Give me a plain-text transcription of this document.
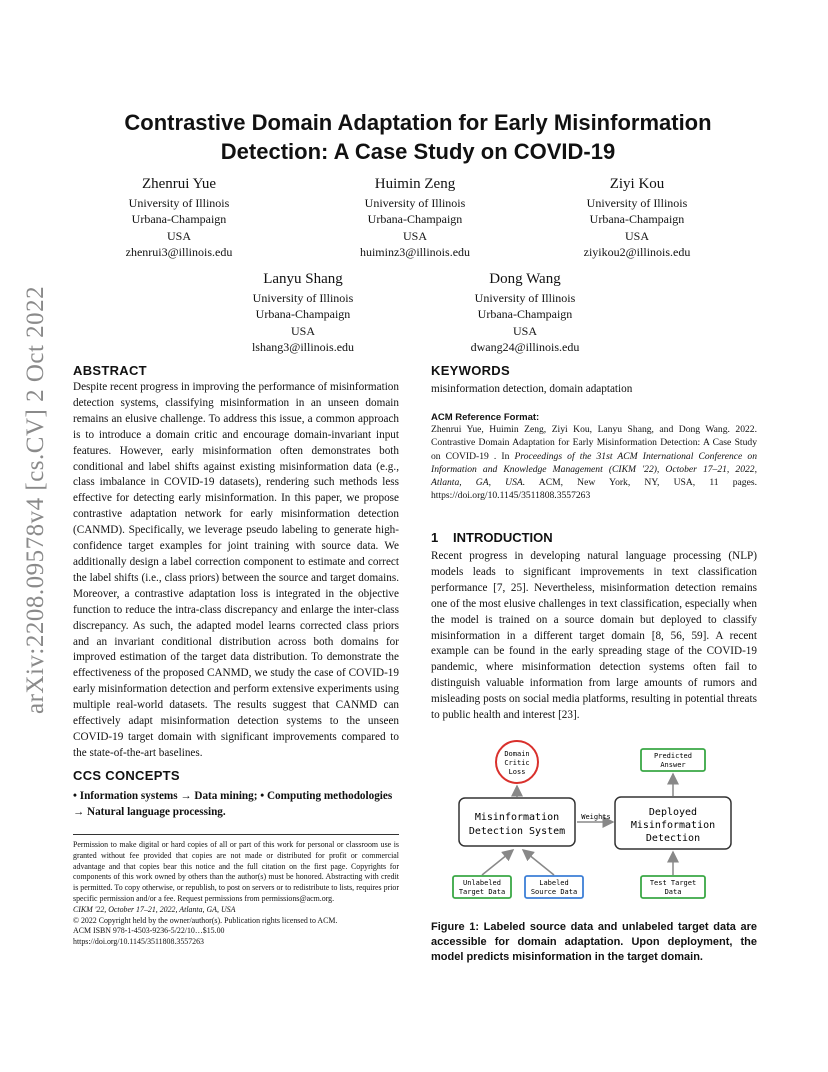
arXiv:2208.09578v4 [cs.CV] 2 Oct 2022
Contrastive Domain Adaptation for Early Misinformation
Detection: A Case Study on COVID-19
Zhenrui Yue
University of Illinois
Urbana-Champaign
USA
zhenrui3@illinois.edu
Huimin Zeng
University of Illinois
Urbana-Champaign
USA
huiminz3@illinois.edu
Ziyi Kou
University of Illinois
Urbana-Champaign
USA
ziyikou2@illinois.edu
Lanyu Shang
University of Illinois
Urbana-Champaign
USA
lshang3@illinois.edu
Dong Wang
University of Illinois
Urbana-Champaign
USA
dwang24@illinois.edu
ABSTRACT
Despite recent progress in improving the performance of misinformation detection systems, classifying misinformation in an unseen domain remains an elusive challenge. To address this issue, a common approach is to introduce a domain critic and encourage domain-invariant input features. However, early misinformation often demonstrates both conditional and label shifts against existing misinformation data (e.g., class imbalance in COVID-19 datasets), rendering such methods less effective for detecting early misinformation. In this paper, we propose contrastive adaptation network for early misinformation detection (CANMD). Specifically, we leverage pseudo labeling to generate high-confidence target examples for joint training with source data. We additionally design a label correction component to estimate and correct the label shifts (i.e., class priors) between the source and target domains. Moreover, a contrastive adaptation loss is integrated in the objective function to reduce the intra-class discrepancy and enlarge the inter-class discrepancy. As such, the adapted model learns corrected class priors and an invariant conditional distribution across both domains for improved estimation of the target data distribution. To demonstrate the effectiveness of the proposed CANMD, we study the case of COVID-19 early misinformation detection and perform extensive experiments using multiple real-world datasets. The results suggest that CANMD can effectively adapt misinformation detection systems to the unseen COVID-19 target domain with significant improvements compared to the state-of-the-art baselines.
CCS CONCEPTS
• Information systems → Data mining; • Computing methodologies → Natural language processing.
Permission to make digital or hard copies of all or part of this work for personal or classroom use is granted without fee provided that copies are not made or distributed for profit or commercial advantage and that copies bear this notice and the full citation on the first page. Copyrights for components of this work owned by others than the author(s) must be honored. Abstracting with credit is permitted. To copy otherwise, or republish, to post on servers or to redistribute to lists, requires prior specific permission and/or a fee. Request permissions from permissions@acm.org.
CIKM '22, October 17–21, 2022, Atlanta, GA, USA
© 2022 Copyright held by the owner/author(s). Publication rights licensed to ACM.
ACM ISBN 978-1-4503-9236-5/22/10…$15.00
https://doi.org/10.1145/3511808.3557263
KEYWORDS
misinformation detection, domain adaptation
ACM Reference Format:
Zhenrui Yue, Huimin Zeng, Ziyi Kou, Lanyu Shang, and Dong Wang. 2022. Contrastive Domain Adaptation for Early Misinformation Detection: A Case Study on COVID-19 . In Proceedings of the 31st ACM International Conference on Information and Knowledge Management (CIKM '22), October 17–21, 2022, Atlanta, GA, USA. ACM, New York, NY, USA, 11 pages. https://doi.org/10.1145/3511808.3557263
1 INTRODUCTION
Recent progress in developing natural language processing (NLP) models leads to significant improvements in text classification performance [7, 25]. Nevertheless, misinformation detection remains one of the most elusive challenges in text classification, especially when the model is trained on a source domain but deployed to classify misinformation in a different target domain [8, 56, 59]. A recent example can be found in the early spreading stage of the COVID-19 pandemic, where misinformation detection systems often fail to distinguish valuable information from large amounts of rumors and misleading posts on social media platforms, resulting in potential threats to public health and interest [23].
Domain
Critic
Loss
Misinformation
Detection System
Weights	Deployed
Misinformation
Detection
Predicted
Answer
Unlabeled
Target Data
Labeled
Source Data
Test Target
Data
Figure 1: Labeled source data and unlabeled target data are accessible for domain adaptation. Upon deployment, the model predicts misinformation in the target domain.
